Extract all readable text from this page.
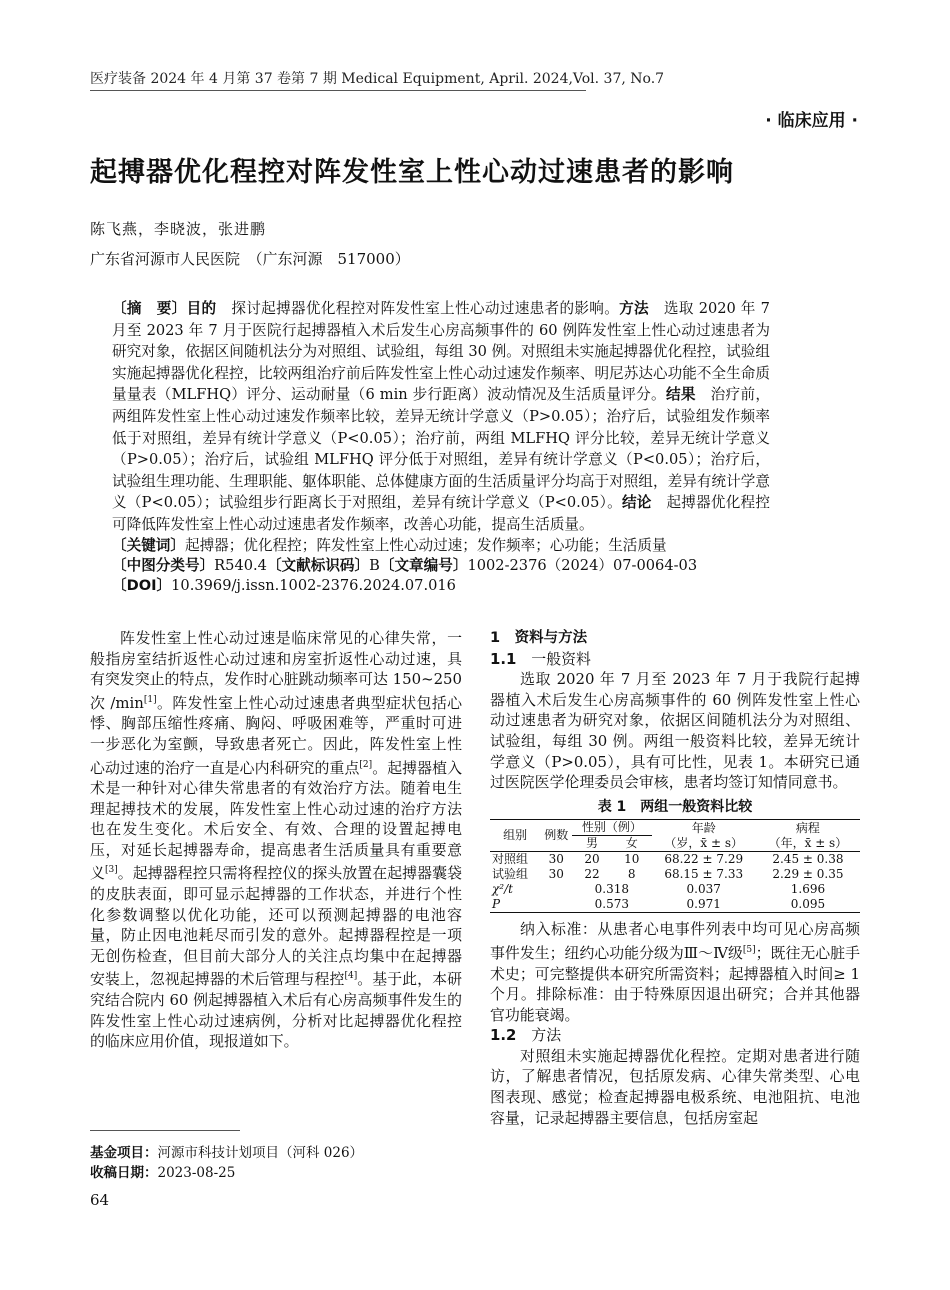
医疗装备 2024 年 4 月第 37 卷第 7 期 Medical Equipment, April. 2024,Vol. 37, No.7
· 临床应用 ·
起搏器优化程控对阵发性室上性心动过速患者的影响
陈飞燕，李晓波，张进鹏
广东省河源市人民医院　（广东河源　517000）
〔摘　要〕目的　 探讨起搏器优化程控对阵发性室上性心动过速患者的影响。方法　 选取 2020 年 7 月至 2023 年 7 月于医院行起搏器植入术后发生心房高频事件的 60 例阵发性室上性心动过速患者为研究对象，依据区间随机法分为对照组、试验组，每组 30 例。对照组未实施起搏器优化程控，试验组实施起搏器优化程控，比较两组治疗前后阵发性室上性心动过速发作频率、明尼苏达心功能不全生命质量量表（MLFHQ）评分、运动耐量（6 min 步行距离）波动情况及生活质量评分。结果　 治疗前，两组阵发性室上性心动过速发作频率比较，差异无统计学意义（P>0.05）；治疗后，试验组发作频率低于对照组，差异有统计学意义（P<0.05）；治疗前，两组 MLFHQ 评分比较，差异无统计学意义（P>0.05）；治疗后，试验组 MLFHQ 评分低于对照组，差异有统计学意义（P<0.05）；治疗后，试验组生理功能、生理职能、躯体职能、总体健康方面的生活质量评分均高于对照组，差异有统计学意义（P<0.05）；试验组步行距离长于对照组，差异有统计学意义（P<0.05）。结论　 起搏器优化程控可降低阵发性室上性心动过速患者发作频率，改善心功能，提高生活质量。
〔关键词〕起搏器；优化程控；阵发性室上性心动过速；发作频率；心功能；生活质量
〔中图分类号〕R540.4〔文献标识码〕B〔文章编号〕1002-2376（2024）07-0064-03
〔DOI〕10.3969/j.issn.1002-2376.2024.07.016

阵发性室上性心动过速是临床常见的心律失常，一般指房室结折返性心动过速和房室折返性心动过速，具有突发突止的特点，发作时心脏跳动频率可达 150~250 次 /min[1]。阵发性室上性心动过速患者典型症状包括心悸、胸部压缩性疼痛、胸闷、呼吸困难等，严重时可进一步恶化为室颤，导致患者死亡。因此，阵发性室上性心动过速的治疗一直是心内科研究的重点[2]。起搏器植入术是一种针对心律失常患者的有效治疗方法。随着电生理起搏技术的发展，阵发性室上性心动过速的治疗方法也在发生变化。术后安全、有效、合理的设置起搏电压，对延长起搏器寿命，提高患者生活质量具有重要意义[3]。起搏器程控只需将程控仪的探头放置在起搏器囊袋的皮肤表面，即可显示起搏器的工作状态，并进行个性化参数调整以优化功能，还可以预测起搏器的电池容量，防止因电池耗尽而引发的意外。起搏器程控是一项无创伤检查，但目前大部分人的关注点均集中在起搏器安装上，忽视起搏器的术后管理与程控[4]。基于此，本研究结合院内 60 例起搏器植入术后有心房高频事件发生的阵发性室上性心动过速病例，分析对比起搏器优化程控的临床应用价值，现报道如下。

1　资料与方法

1.1　 一般资料

选取 2020 年 7 月至 2023 年 7 月于我院行起搏器植入术后发生心房高频事件的 60 例阵发性室上性心动过速患者为研究对象，依据区间随机法分为对照组、试验组，每组 30 例。两组一般资料比较，差异无统计学意义（P>0.05），具有可比性，见表 1。本研究已通过医院医学伦理委员会审核，患者均签订知情同意书。

表 1　两组一般资料比较
组别	例数	性别（例）		年龄	病程
		男	女	（岁，x̄ ± s）	（年，x̄ ± s）
对照组	30	20	10	68.22 ± 7.29	2.45 ± 0.38
试验组	30	22	8	68.15 ± 7.33	2.29 ± 0.35
χ²/t		0.318		0.037	1.696
P		0.573		0.971	0.095

纳入标准：从患者心电事件列表中均可见心房高频事件发生；纽约心功能分级为Ⅲ～Ⅳ级[5]；既往无心脏手术史；可完整提供本研究所需资料；起搏器植入时间≥ 1 个月。排除标准：由于特殊原因退出研究；合并其他器官功能衰竭。

1.2　 方法

对照组未实施起搏器优化程控。定期对患者进行随访，了解患者情况，包括原发病、心律失常类型、心电图表现、感觉；检查起搏器电极系统、电池阻抗、电池容量，记录起搏器主要信息，包括房室起

基金项目：河源市科技计划项目（河科 026）
收稿日期：2023-08-25
64
